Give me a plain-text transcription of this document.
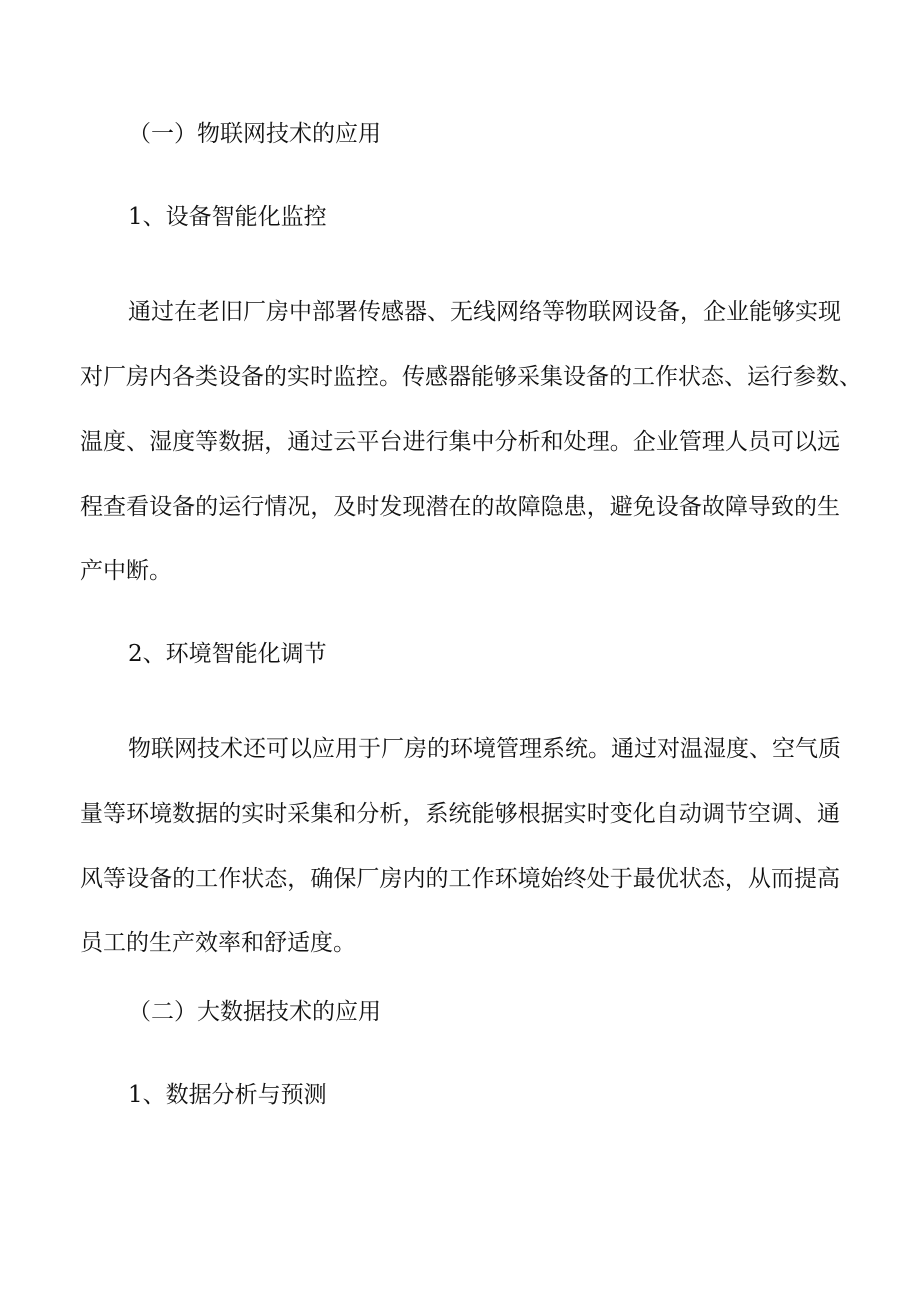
（一）物联网技术的应用

1、设备智能化监控

通过在老旧厂房中部署传感器、无线网络等物联网设备，企业能够实现

对厂房内各类设备的实时监控。传感器能够采集设备的工作状态、运行参数、

温度、湿度等数据，通过云平台进行集中分析和处理。企业管理人员可以远

程查看设备的运行情况，及时发现潜在的故障隐患，避免设备故障导致的生

产中断。

2、环境智能化调节

物联网技术还可以应用于厂房的环境管理系统。通过对温湿度、空气质

量等环境数据的实时采集和分析，系统能够根据实时变化自动调节空调、通

风等设备的工作状态，确保厂房内的工作环境始终处于最优状态，从而提高

员工的生产效率和舒适度。

（二）大数据技术的应用

1、数据分析与预测
